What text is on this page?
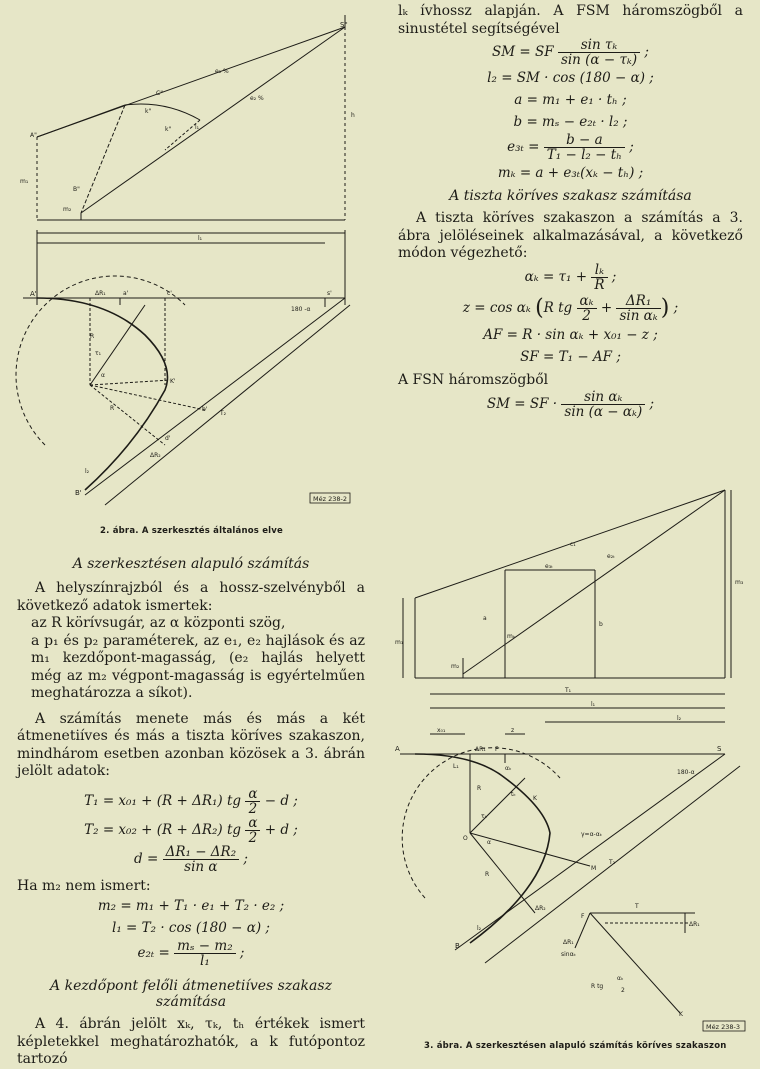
S"
C"
A"
B"
m₁
m₂
h
e₁ %
e₂ %
k"
k"	l₁
l₁
A'	ΔR₁	a'	c'	s'
180 -α
R
τ₁
α
K'
b'
T₂
d'
ΔR₂
l₂
B'
R
Méz 238-2
2. ábra. A szerkesztés általános elve

A szerkesztésen alapuló számítás

A helyszínrajzból és a hossz-szelvényből a következő adatok ismertek:

az R körívsugár, az α központi szög,
a p₁ és p₂ paraméterek, az e₁, e₂ hajlások és az m₁ kezdőpont-magasság, (e₂ hajlás helyett még az m₂ végpont-magasság is egyértelműen meghatározza a síkot).

A számítás menete más és más a két átmenetiíves és más a tiszta köríves szakaszon, mindhárom esetben azonban közösek a 3. ábrán jelölt adatok:

T₁ = x₀₁ + (R + ΔR₁) tg $\frac{\alpha}{2} - d$ ;
T₂ = x₀₂ + (R + ΔR₂) tg $\frac{\alpha}{2} + d$ ;
$d = \frac{\text{ΔR₁ − ΔR₂}}{\text{sin α}}$ ;

Ha m₂ nem ismert:

m₂ = m₁ + T₁ · e₁ + T₂ · e₂ ;
l₁ = T₂ · cos (180 − α) ;
$e_{2t} = \frac{\text{mₛ − m₂}}{\text{l₁}}$ ;

A kezdőpont felőli átmenetiíves szakasz számítása

A 4. ábrán jelölt xₖ, τₖ, tₕ értékek ismert képletekkel meghatározhatók, a k futópontoz tartozó

lₖ ívhossz alapján. A FSM háromszögből a sinustétel segítségével

SM = SF $\frac{\text{sin τₖ}}{\text{sin (α − τₖ)}}$ ;
l₂ = SM · cos (180 − α) ;
a = m₁ + e₁ · tₕ ;
b = mₛ − e₂ₜ · l₂ ;
$e_{3t} = \frac{b - a}{\text{T₁ − l₂ − tₕ}}$ ;
mₖ = a + e₃ₜ(xₖ − tₕ) ;

A tiszta köríves szakasz számítása

A tiszta köríves szakaszon a számítás a 3. ábra jelöléseinek alkalmazásával, a következő módon végezhető:

$\alpha_k = \tau_1 + \frac{\text{lₖ}}{R}$ ;
z = cos αₖ (R tg $\frac{\text{αₖ}}{2} + \frac{\text{ΔR₁}}{\text{sin αₖ}}$ ) ;
AF = R · sin αₖ + x₀₁ − z ;
SF = T₁ − AF ;

A FSN háromszögből

SM = SF · $\frac{\text{sin αₖ}}{\text{sin (α − αₖ)}}$ ;
c₁
e₂ₜ
e₃ₜ
m₃
m₁
m₂
a
mₖ
b
T₁
l₁
l₂
x₀₁	z
A	ΔR₁ F	S
L₁	αₖ
tₖ
K
R
O
τₖ
α
γ=α-αₖ
M
T₂
ΔR₂
B
180-α
R
l₂
F
T
ΔR₁
sinαₖ
R tg
αₖ
2
K
ΔR₁
Méz 238-3
3. ábra. A szerkesztésen alapuló számítás köríves szakaszon
